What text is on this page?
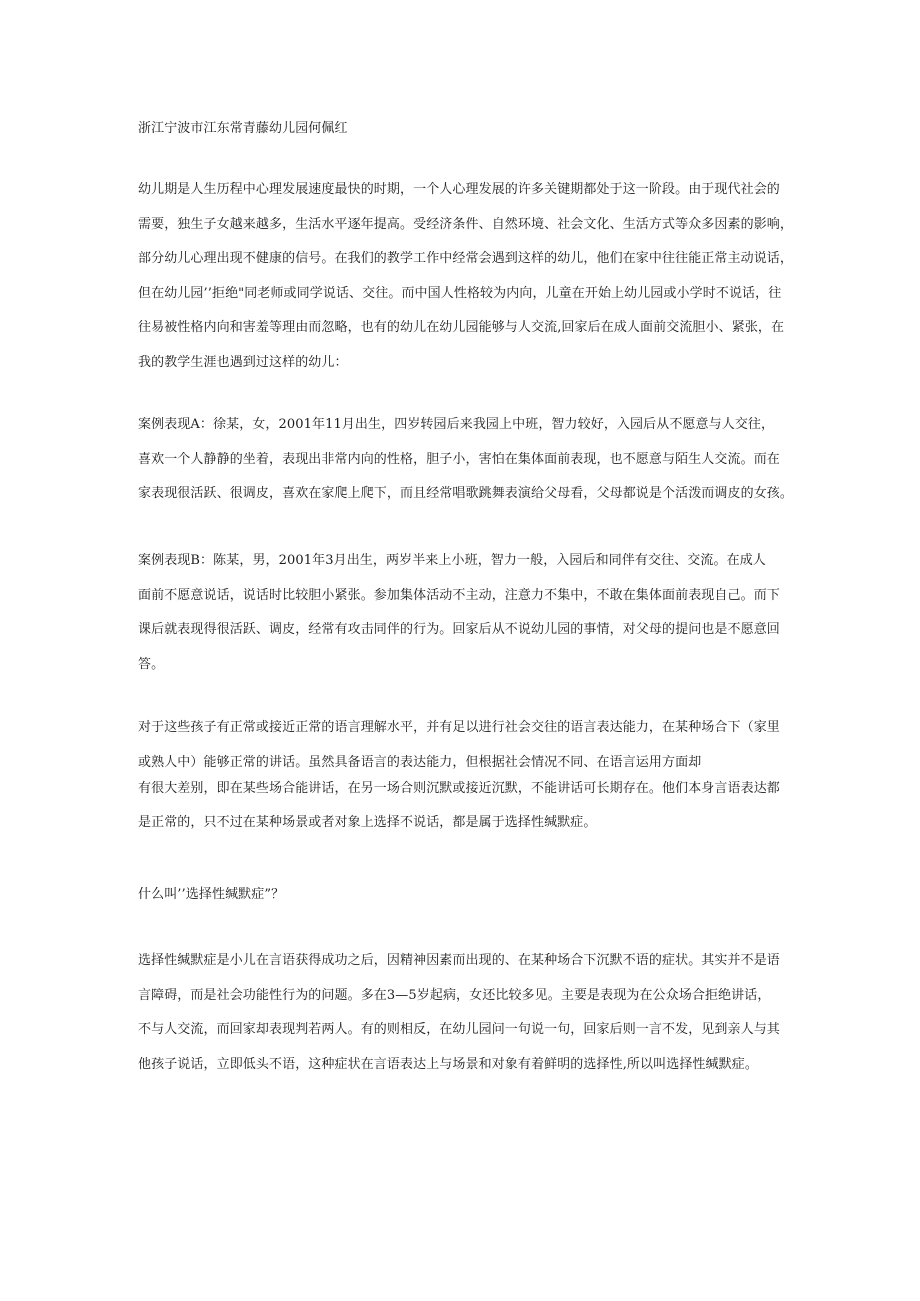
浙江宁波市江东常青藤幼儿园何佩红

幼儿期是人生历程中心理发展速度最快的时期，一个人心理发展的许多关键期都处于这一阶段。由于现代社会的
需要，独生子女越来越多，生活水平逐年提高。受经济条件、自然环境、社会文化、生活方式等众多因素的影响，
部分幼儿心理出现不健康的信号。在我们的教学工作中经常会遇到这样的幼儿，他们在家中往往能正常主动说话，
但在幼儿园’’拒绝"同老师或同学说话、交往。而中国人性格较为内向，儿童在开始上幼儿园或小学时不说话，往
往易被性格内向和害羞等理由而忽略，也有的幼儿在幼儿园能够与人交流,回家后在成人面前交流胆小、紧张，在
我的教学生涯也遇到过这样的幼儿：

案例表现A：徐某，女，2001年11月出生，四岁转园后来我园上中班，智力较好，入园后从不愿意与人交往，
喜欢一个人静静的坐着，表现出非常内向的性格，胆子小，害怕在集体面前表现，也不愿意与陌生人交流。而在
家表现很活跃、很调皮，喜欢在家爬上爬下，而且经常唱歌跳舞表演给父母看，父母都说是个活泼而调皮的女孩。

案例表现B：陈某，男，2001年3月出生，两岁半来上小班，智力一般，入园后和同伴有交往、交流。在成人
面前不愿意说话，说话时比较胆小紧张。参加集体活动不主动，注意力不集中，不敢在集体面前表现自己。而下
课后就表现得很活跃、调皮，经常有攻击同伴的行为。回家后从不说幼儿园的事情，对父母的提问也是不愿意回
答。

对于这些孩子有正常或接近正常的语言理解水平，并有足以进行社会交往的语言表达能力，在某种场合下（家里
或熟人中）能够正常的讲话。虽然具备语言的表达能力，但根据社会情况不同、在语言运用方面却
有很大差别，即在某些场合能讲话，在另一场合则沉默或接近沉默，不能讲话可长期存在。他们本身言语表达都
是正常的，只不过在某种场景或者对象上选择不说话，都是属于选择性缄默症。

什么叫’’选择性缄默症”？

选择性缄默症是小儿在言语获得成功之后，因精神因素而出现的、在某种场合下沉默不语的症状。其实并不是语
言障碍，而是社会功能性行为的问题。多在3—5岁起病，女还比较多见。主要是表现为在公众场合拒绝讲话，
不与人交流，而回家却表现判若两人。有的则相反，在幼儿园问一句说一句，回家后则一言不发，见到亲人与其
他孩子说话，立即低头不语，这种症状在言语表达上与场景和对象有着鲜明的选择性,所以叫选择性缄默症。
